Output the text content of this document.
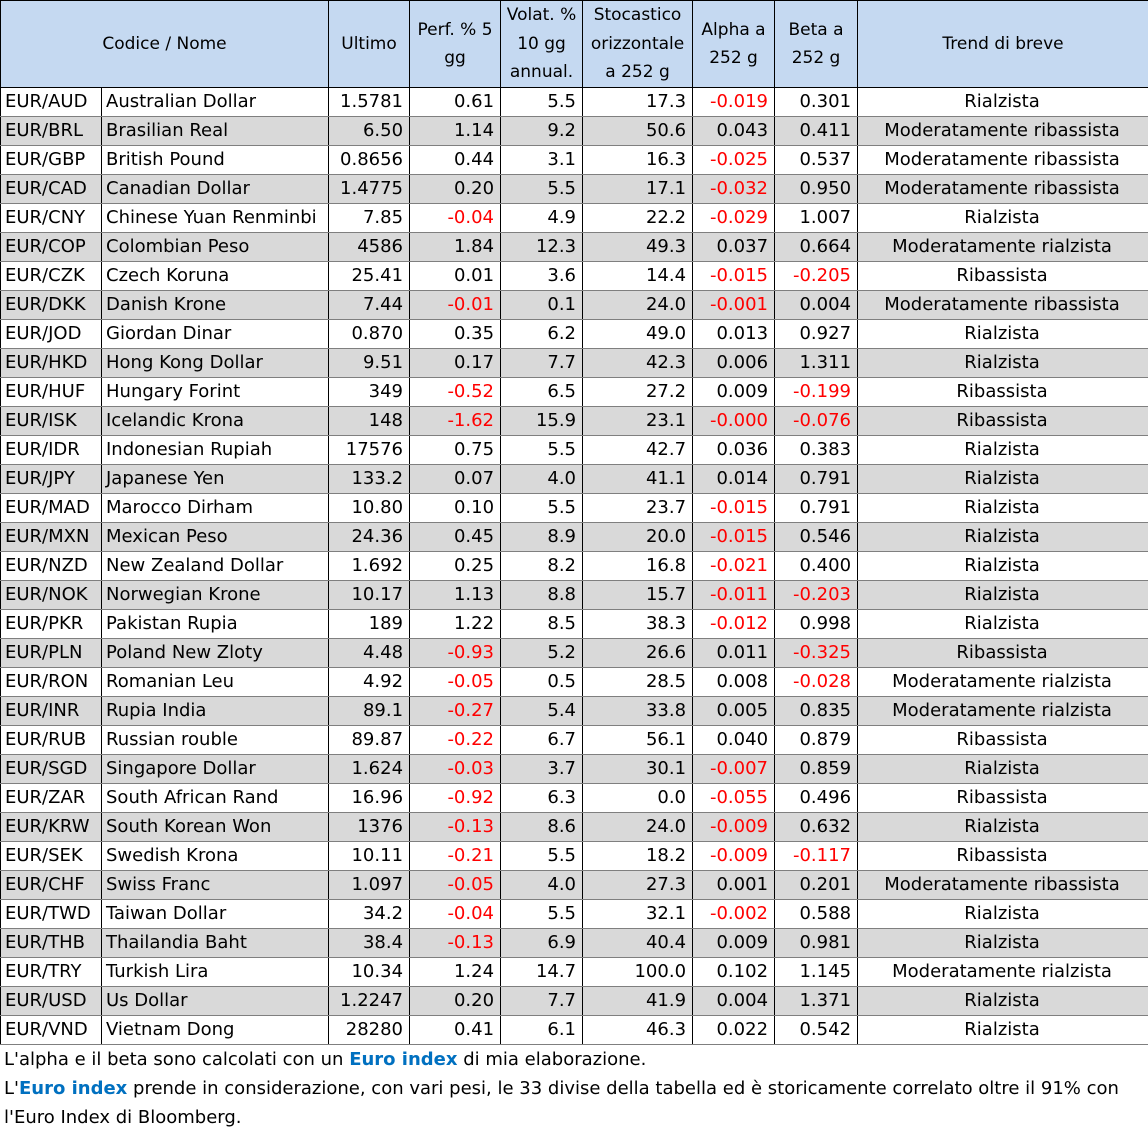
Codice / Nome		Ultimo	Perf. % 5 gg	Volat. % 10 gg annual.	Stocastico orizzontale a 252 g	Alpha a 252 g	Beta a 252 g	Trend di breve
EUR/AUD	Australian Dollar	1.5781	0.61	5.5	17.3	-0.019	0.301	Rialzista
EUR/BRL	Brasilian Real	6.50	1.14	9.2	50.6	0.043	0.411	Moderatamente ribassista
EUR/GBP	British Pound	0.8656	0.44	3.1	16.3	-0.025	0.537	Moderatamente ribassista
EUR/CAD	Canadian Dollar	1.4775	0.20	5.5	17.1	-0.032	0.950	Moderatamente ribassista
EUR/CNY	Chinese Yuan Renminbi	7.85	-0.04	4.9	22.2	-0.029	1.007	Rialzista
EUR/COP	Colombian Peso	4586	1.84	12.3	49.3	0.037	0.664	Moderatamente rialzista
EUR/CZK	Czech Koruna	25.41	0.01	3.6	14.4	-0.015	-0.205	Ribassista
EUR/DKK	Danish Krone	7.44	-0.01	0.1	24.0	-0.001	0.004	Moderatamente ribassista
EUR/JOD	Giordan Dinar	0.870	0.35	6.2	49.0	0.013	0.927	Rialzista
EUR/HKD	Hong Kong Dollar	9.51	0.17	7.7	42.3	0.006	1.311	Rialzista
EUR/HUF	Hungary Forint	349	-0.52	6.5	27.2	0.009	-0.199	Ribassista
EUR/ISK	Icelandic Krona	148	-1.62	15.9	23.1	-0.000	-0.076	Ribassista
EUR/IDR	Indonesian Rupiah	17576	0.75	5.5	42.7	0.036	0.383	Rialzista
EUR/JPY	Japanese Yen	133.2	0.07	4.0	41.1	0.014	0.791	Rialzista
EUR/MAD	Marocco Dirham	10.80	0.10	5.5	23.7	-0.015	0.791	Rialzista
EUR/MXN	Mexican Peso	24.36	0.45	8.9	20.0	-0.015	0.546	Rialzista
EUR/NZD	New Zealand Dollar	1.692	0.25	8.2	16.8	-0.021	0.400	Rialzista
EUR/NOK	Norwegian Krone	10.17	1.13	8.8	15.7	-0.011	-0.203	Rialzista
EUR/PKR	Pakistan Rupia	189	1.22	8.5	38.3	-0.012	0.998	Rialzista
EUR/PLN	Poland New Zloty	4.48	-0.93	5.2	26.6	0.011	-0.325	Ribassista
EUR/RON	Romanian Leu	4.92	-0.05	0.5	28.5	0.008	-0.028	Moderatamente rialzista
EUR/INR	Rupia India	89.1	-0.27	5.4	33.8	0.005	0.835	Moderatamente rialzista
EUR/RUB	Russian rouble	89.87	-0.22	6.7	56.1	0.040	0.879	Ribassista
EUR/SGD	Singapore Dollar	1.624	-0.03	3.7	30.1	-0.007	0.859	Rialzista
EUR/ZAR	South African Rand	16.96	-0.92	6.3	0.0	-0.055	0.496	Ribassista
EUR/KRW	South Korean Won	1376	-0.13	8.6	24.0	-0.009	0.632	Rialzista
EUR/SEK	Swedish Krona	10.11	-0.21	5.5	18.2	-0.009	-0.117	Ribassista
EUR/CHF	Swiss Franc	1.097	-0.05	4.0	27.3	0.001	0.201	Moderatamente ribassista
EUR/TWD	Taiwan Dollar	34.2	-0.04	5.5	32.1	-0.002	0.588	Rialzista
EUR/THB	Thailandia Baht	38.4	-0.13	6.9	40.4	0.009	0.981	Rialzista
EUR/TRY	Turkish Lira	10.34	1.24	14.7	100.0	0.102	1.145	Moderatamente rialzista
EUR/USD	Us Dollar	1.2247	0.20	7.7	41.9	0.004	1.371	Rialzista
EUR/VND	Vietnam Dong	28280	0.41	6.1	46.3	0.022	0.542	Rialzista
L'alpha e il beta sono calcolati con un Euro index di mia elaborazione.
L'Euro index prende in considerazione, con vari pesi, le 33 divise della tabella ed è storicamente correlato oltre il 91% con l'Euro Index di Bloomberg.
